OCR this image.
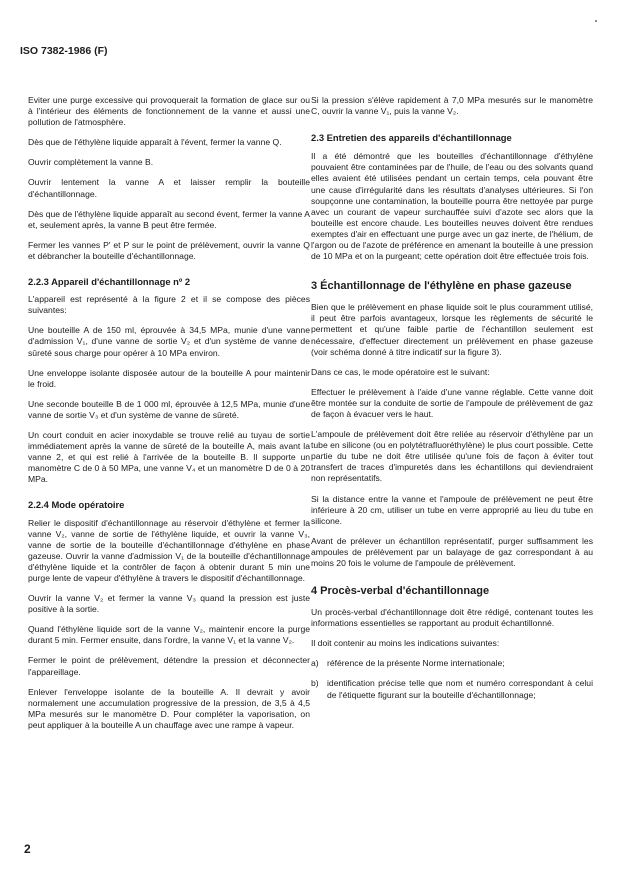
ISO 7382-1986 (F)

Eviter une purge excessive qui provoquerait la formation de glace sur ou à l'intérieur des éléments de fonctionnement de la vanne et aussi une pollution de l'atmosphère.

Dès que de l'éthylène liquide apparaît à l'évent, fermer la vanne Q.

Ouvrir complètement la vanne B.

Ouvrir lentement la vanne A et laisser remplir la bouteille d'échantillonnage.

Dès que de l'éthylène liquide apparaît au second évent, fermer la vanne A et, seulement après, la vanne B peut être fermée.

Fermer les vannes P' et P sur le point de prélèvement, ouvrir la vanne Q et débrancher la bouteille d'échantillonnage.

2.2.3 Appareil d'échantillonnage nº 2

L'appareil est représenté à la figure 2 et il se compose des pièces suivantes:

Une bouteille A de 150 ml, éprouvée à 34,5 MPa, munie d'une vanne d'admission V₁, d'une vanne de sortie V₂ et d'un système de vanne de sûreté sous charge pour opérer à 10 MPa environ.

Une enveloppe isolante disposée autour de la bouteille A pour maintenir le froid.

Une seconde bouteille B de 1 000 ml, éprouvée à 12,5 MPa, munie d'une vanne de sortie V₃ et d'un système de vanne de sûreté.

Un court conduit en acier inoxydable se trouve relié au tuyau de sortie immédiatement après la vanne de sûreté de la bouteille A, mais avant la vanne 2, et qui est relié à l'arrivée de la bouteille B. Il supporte un manomètre C de 0 à 50 MPa, une vanne V₄ et un manomètre D de 0 à 20 MPa.

2.2.4 Mode opératoire

Relier le dispositif d'échantillonnage au réservoir d'éthylène et fermer la vanne V₂, vanne de sortie de l'éthylène liquide, et ouvrir la vanne V₃, vanne de sortie de la bouteille d'échantillonnage d'éthylène en phase gazeuse. Ouvrir la vanne d'admission V₁ de la bouteille d'échantillonnage d'éthylène liquide et la contrôler de façon à obtenir durant 5 min une purge lente de vapeur d'éthylène à travers le dispositif d'échantillonnage.

Ouvrir la vanne V₂ et fermer la vanne V₃ quand la pression est juste positive à la sortie.

Quand l'éthylène liquide sort de la vanne V₂, maintenir encore la purge durant 5 min. Fermer ensuite, dans l'ordre, la vanne V₁ et la vanne V₂.

Fermer le point de prélèvement, détendre la pression et déconnecter l'appareillage.

Enlever l'enveloppe isolante de la bouteille A. Il devrait y avoir normalement une accumulation progressive de la pression, de 3,5 à 4,5 MPa mesurés sur le manomètre D. Pour compléter la vaporisation, on peut appliquer à la bouteille A un chauffage avec une rampe à vapeur.

Si la pression s'élève rapidement à 7,0 MPa mesurés sur le manomètre C, ouvrir la vanne V₁, puis la vanne V₂.

2.3 Entretien des appareils d'échantillonnage

Il a été démontré que les bouteilles d'échantillonnage d'éthylène pouvaient être contaminées par de l'huile, de l'eau ou des solvants quand elles avaient été utilisées pendant un certain temps, cela pouvant être une cause d'irrégularité dans les résultats d'analyses ultérieures. Si l'on soupçonne une contamination, la bouteille pourra être nettoyée par purge avec un courant de vapeur surchauffée suivi d'azote sec alors que la bouteille est encore chaude. Les bouteilles neuves doivent être rendues exemptes d'air en effectuant une purge avec un gaz inerte, de l'hélium, de l'argon ou de l'azote de préférence en amenant la bouteille à une pression de 10 MPa et on la purgeant; cette opération doit être effectuée trois fois.

3 Échantillonnage de l'éthylène en phase gazeuse

Bien que le prélèvement en phase liquide soit le plus couramment utilisé, il peut être parfois avantageux, lorsque les règlements de sécurité le permettent et qu'une faible partie de l'échantillon seulement est nécessaire, d'effectuer directement un prélèvement en phase gazeuse (voir schéma donné à titre indicatif sur la figure 3).

Dans ce cas, le mode opératoire est le suivant:

Effectuer le prélèvement à l'aide d'une vanne réglable. Cette vanne doit être montée sur la conduite de sortie de l'ampoule de prélèvement de gaz de façon à évacuer vers le haut.

L'ampoule de prélèvement doit être reliée au réservoir d'éthylène par un tube en silicone (ou en polytétrafluoréthylène) le plus court possible. Cette partie du tube ne doit être utilisée qu'une fois de façon à éviter tout transfert de traces d'impuretés dans les échantillons qui deviendraient non représentatifs.

Si la distance entre la vanne et l'ampoule de prélèvement ne peut être inférieure à 20 cm, utiliser un tube en verre approprié au lieu du tube en silicone.

Avant de prélever un échantillon représentatif, purger suffisamment les ampoules de prélèvement par un balayage de gaz correspondant à au moins 20 fois le volume de l'ampoule de prélèvement.

4 Procès-verbal d'échantillonnage

Un procès-verbal d'échantillonnage doit être rédigé, contenant toutes les informations essentielles se rapportant au produit échantillonné.

Il doit contenir au moins les indications suivantes:

a) référence de la présente Norme internationale;
b) identification précise telle que nom et numéro correspondant à celui de l'étiquette figurant sur la bouteille d'échantillonnage;
2
